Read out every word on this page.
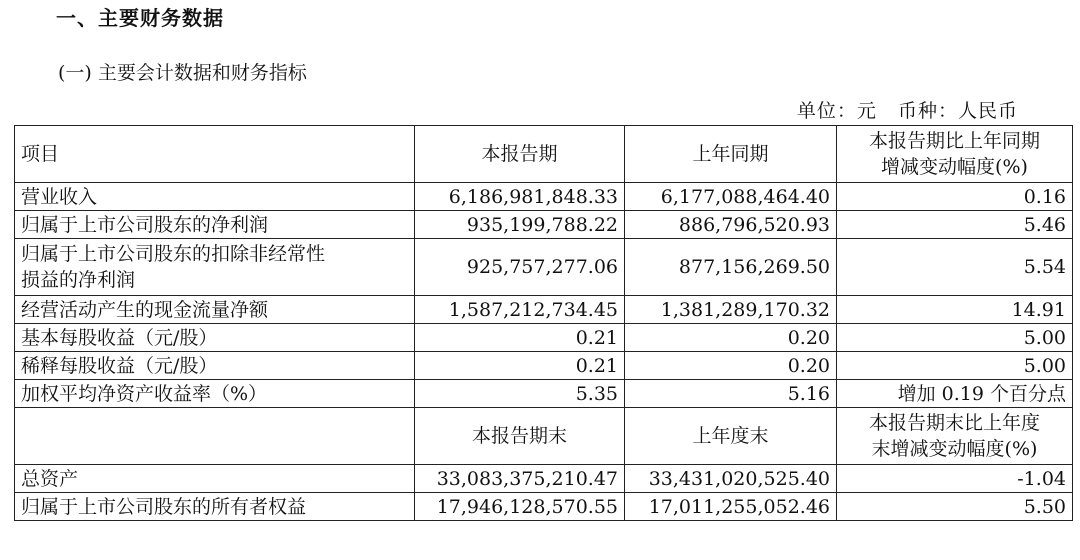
一、主要财务数据
(一) 主要会计数据和财务指标
单位：元   币种：人民币
项目	本报告期	上年同期	本报告期比上年同期
增减变动幅度(%)

营业收入	6,186,981,848.33	6,177,088,464.40	0.16
归属于上市公司股东的净利润	935,199,788.22	886,796,520.93	5.46

归属于上市公司股东的扣除非经常性
损益的净利润	925,757,277.06	877,156,269.50	5.54
经营活动产生的现金流量净额	1,587,212,734.45	1,381,289,170.32	14.91
基本每股收益（元/股）	0.21	0.20	5.00
稀释每股收益（元/股）	0.21	0.20	5.00
加权平均净资产收益率（%）	5.35	5.16	增加 0.19 个百分点
	本报告期末	上年度末	本报告期末比上年度
末增减变动幅度(%)

总资产	33,083,375,210.47	33,431,020,525.40	-1.04
归属于上市公司股东的所有者权益	17,946,128,570.55	17,011,255,052.46	5.50
